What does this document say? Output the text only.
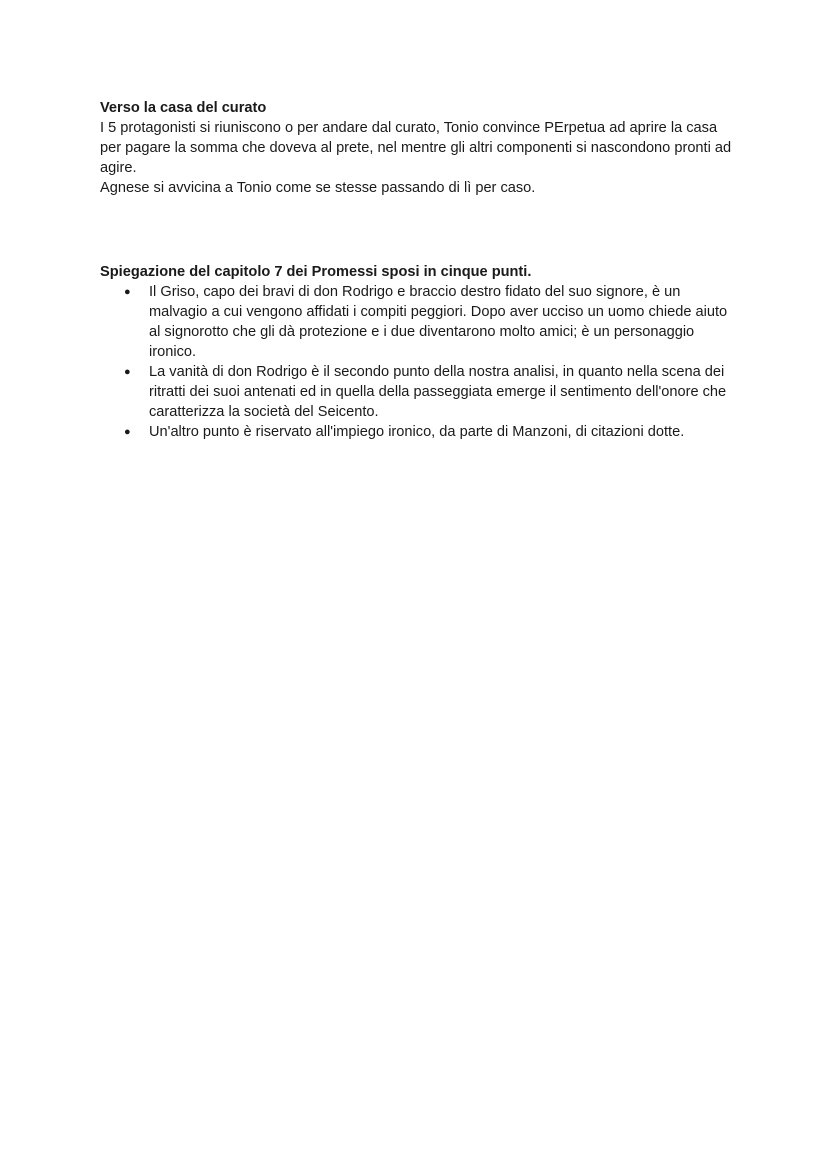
Verso la casa del curato

I 5 protagonisti si riuniscono o per andare dal curato, Tonio convince PErpetua ad aprire la casa per pagare la somma che doveva al prete, nel mentre gli altri componenti si nascondono pronti ad agire.

Agnese si avvicina a Tonio come se stesse passando di lì per caso.

Spiegazione del capitolo 7 dei Promessi sposi in cinque punti.

● Il Griso, capo dei bravi di don Rodrigo e braccio destro fidato del suo signore, è un malvagio a cui vengono affidati i compiti peggiori. Dopo aver ucciso un uomo chiede aiuto al signorotto che gli dà protezione e i due diventarono molto amici; è un personaggio ironico.
● La vanità di don Rodrigo è il secondo punto della nostra analisi, in quanto nella scena dei ritratti dei suoi antenati ed in quella della passeggiata emerge il sentimento dell'onore che caratterizza la società del Seicento.
● Un'altro punto è riservato all'impiego ironico, da parte di Manzoni, di citazioni dotte.
